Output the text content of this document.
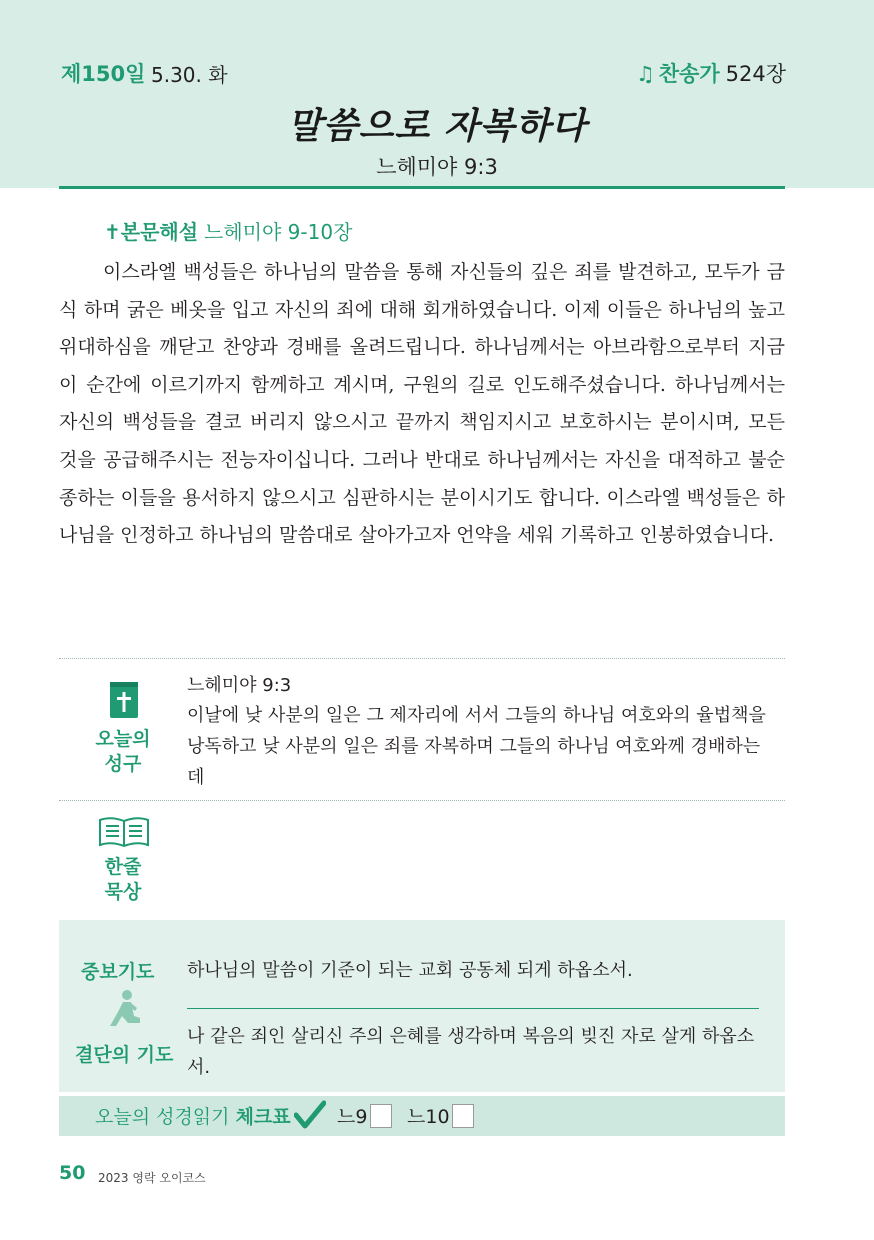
제150일 5.30. 화	♫ 찬송가 524장
말씀으로 자복하다
느헤미야 9:3
✝본문해설 느헤미야 9-10장
이스라엘 백성들은 하나님의 말씀을 통해 자신들의 깊은 죄를 발견하고, 모두가 금식 하며 굵은 베옷을 입고 자신의 죄에 대해 회개하였습니다. 이제 이들은 하나님의 높고 위대하심을 깨닫고 찬양과 경배를 올려드립니다. 하나님께서는 아브라함으로부터 지금 이 순간에 이르기까지 함께하고 계시며, 구원의 길로 인도해주셨습니다. 하나님께서는 자신의 백성들을 결코 버리지 않으시고 끝까지 책임지시고 보호하시는 분이시며, 모든 것을 공급해주시는 전능자이십니다. 그러나 반대로 하나님께서는 자신을 대적하고 불순종하는 이들을 용서하지 않으시고 심판하시는 분이시기도 합니다. 이스라엘 백성들은 하나님을 인정하고 하나님의 말씀대로 살아가고자 언약을 세워 기록하고 인봉하였습니다.
오늘의
성구
느헤미야 9:3
이날에 낮 사분의 일은 그 제자리에 서서 그들의 하나님 여호와의 율법책을 낭독하고 낮 사분의 일은 죄를 자복하며 그들의 하나님 여호와께 경배하는데
한줄
묵상
중보기도
결단의 기도
하나님의 말씀이 기준이 되는 교회 공동체 되게 하옵소서.
나 같은 죄인 살리신 주의 은혜를 생각하며 복음의 빚진 자로 살게 하옵소서.
오늘의 성경읽기 체크표 느9 느10
50 2023 영락 오이코스
